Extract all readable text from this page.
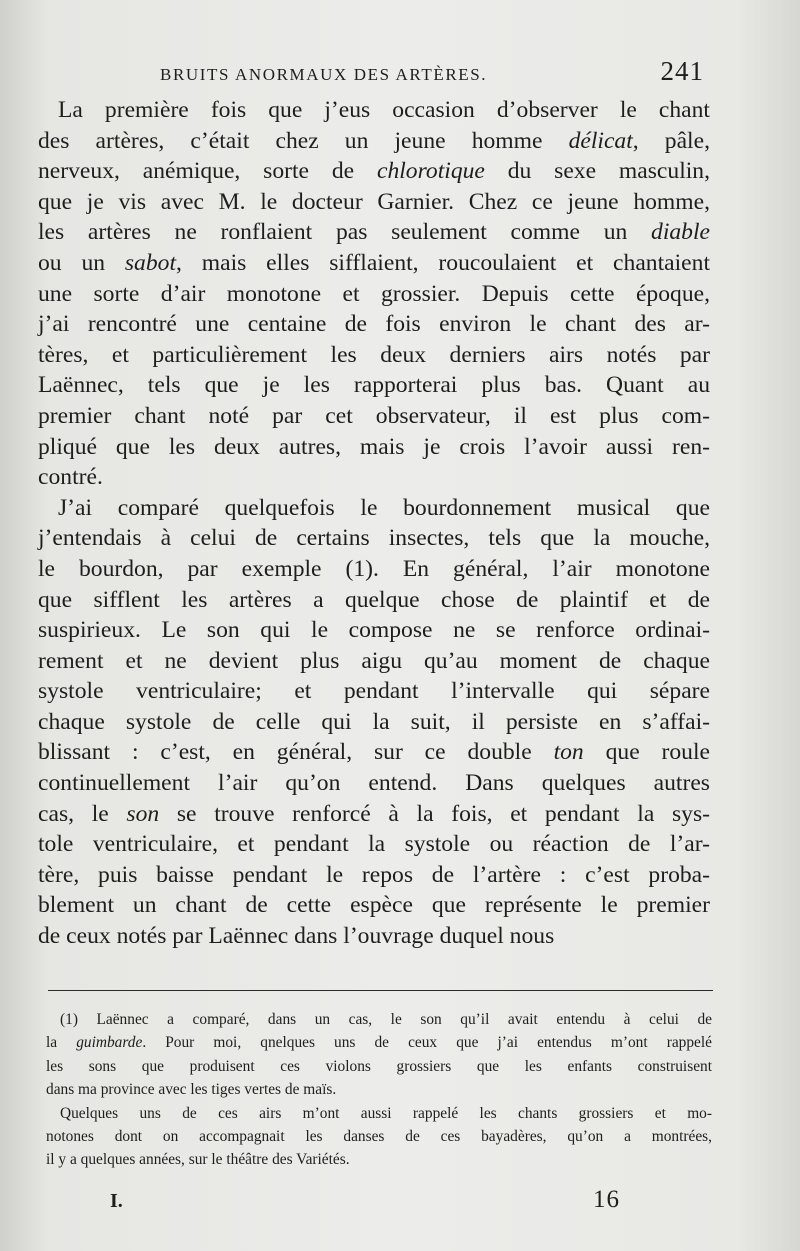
BRUITS ANORMAUX DES ARTÈRES.	241
La première fois que j’eus occasion d’observer le chant
des artères, c’était chez un jeune homme délicat, pâle,
nerveux, anémique, sorte de chlorotique du sexe masculin,
que je vis avec M. le docteur Garnier. Chez ce jeune homme,
les artères ne ronflaient pas seulement comme un diable
ou un sabot, mais elles sifflaient, roucoulaient et chantaient
une sorte d’air monotone et grossier. Depuis cette époque,
j’ai rencontré une centaine de fois environ le chant des ar-
tères, et particulièrement les deux derniers airs notés par
Laënnec, tels que je les rapporterai plus bas. Quant au
premier chant noté par cet observateur, il est plus com-
pliqué que les deux autres, mais je crois l’avoir aussi ren-
contré.
J’ai comparé quelquefois le bourdonnement musical que
j’entendais à celui de certains insectes, tels que la mouche,
le bourdon, par exemple (1). En général, l’air monotone
que sifflent les artères a quelque chose de plaintif et de
suspirieux. Le son qui le compose ne se renforce ordinai-
rement et ne devient plus aigu qu’au moment de chaque
systole ventriculaire; et pendant l’intervalle qui sépare
chaque systole de celle qui la suit, il persiste en s’affai-
blissant : c’est, en général, sur ce double ton que roule
continuellement l’air qu’on entend. Dans quelques autres
cas, le son se trouve renforcé à la fois, et pendant la sys-
tole ventriculaire, et pendant la systole ou réaction de l’ar-
tère, puis baisse pendant le repos de l’artère : c’est proba-
blement un chant de cette espèce que représente le premier
de ceux notés par Laënnec dans l’ouvrage duquel nous
(1) Laënnec a comparé, dans un cas, le son qu’il avait entendu à celui de
la guimbarde. Pour moi, qnelques uns de ceux que j’ai entendus m’ont rappelé
les sons que produisent ces violons grossiers que les enfants construisent
dans ma province avec les tiges vertes de maïs.
Quelques uns de ces airs m’ont aussi rappelé les chants grossiers et mo-
notones dont on accompagnait les danses de ces bayadères, qu’on a montrées,
il y a quelques années, sur le théâtre des Variétés.
I.	16
